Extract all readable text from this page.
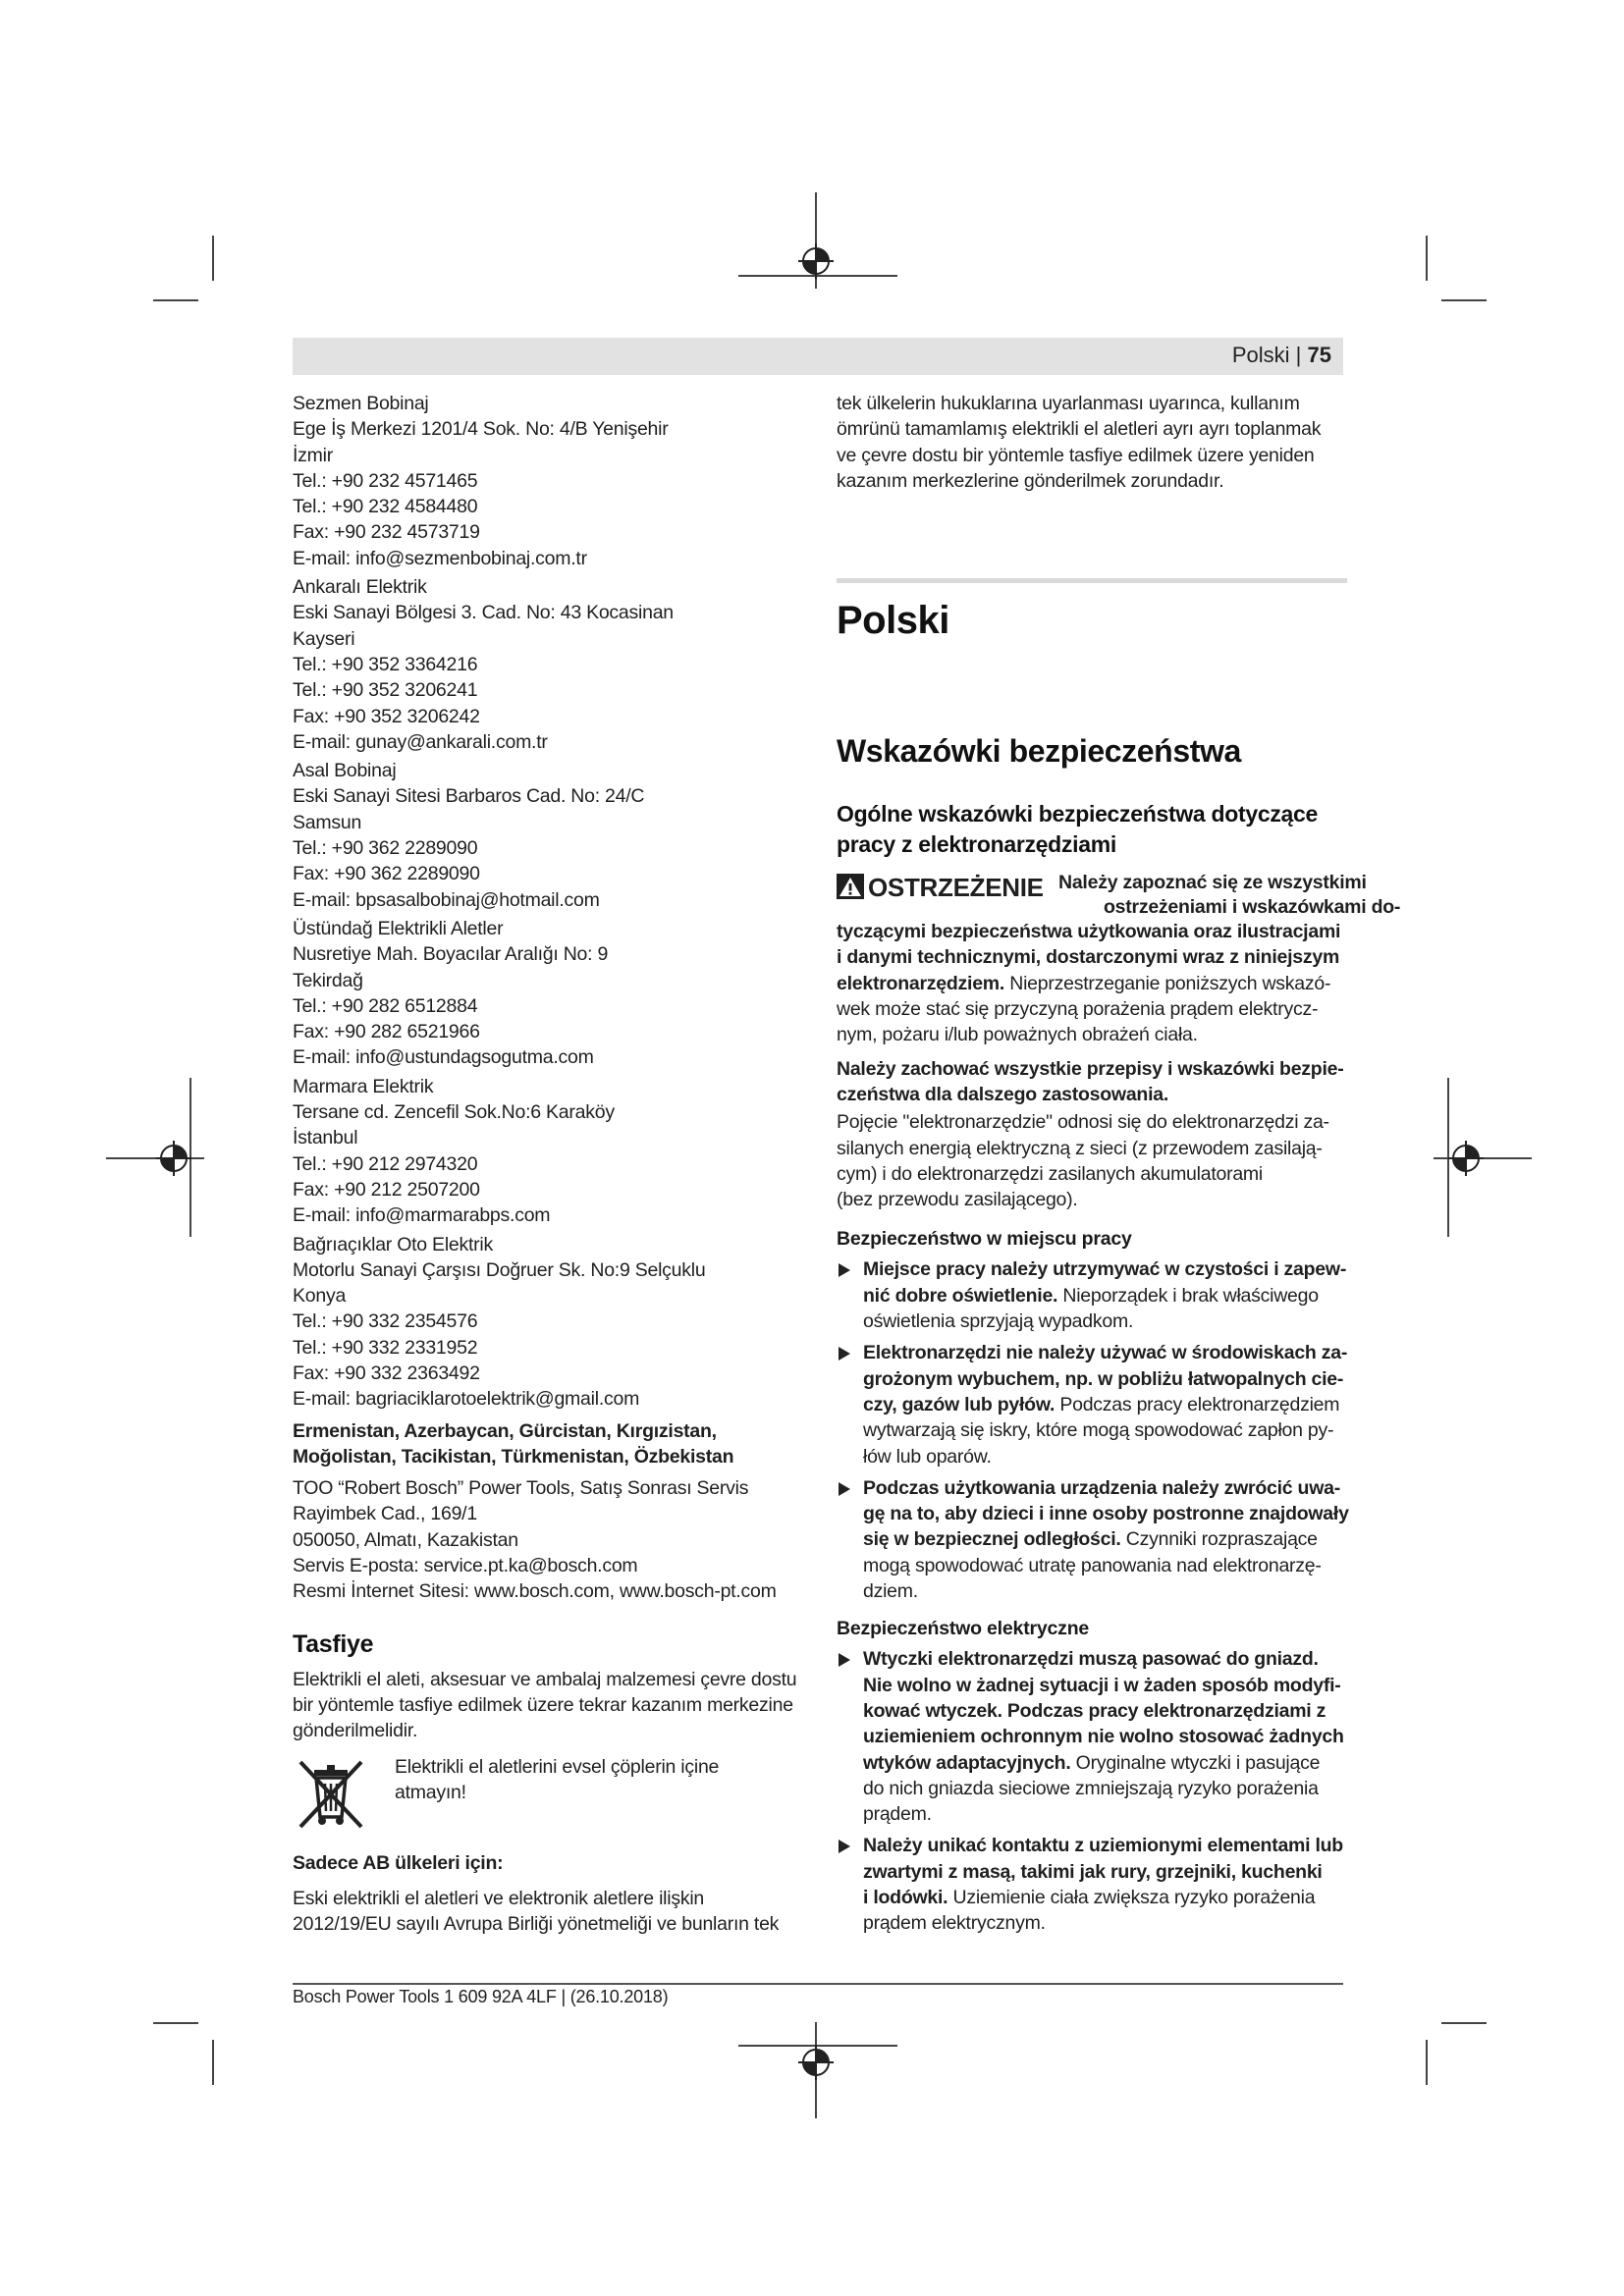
Polski | 75
Sezmen Bobinaj
Ege İş Merkezi 1201/4 Sok. No: 4/B Yenişehir
İzmir
Tel.: +90 232 4571465
Tel.: +90 232 4584480
Fax: +90 232 4573719
E-mail: info@sezmenbobinaj.com.tr
Ankaralı Elektrik
Eski Sanayi Bölgesi 3. Cad. No: 43 Kocasinan
Kayseri
Tel.: +90 352 3364216
Tel.: +90 352 3206241
Fax: +90 352 3206242
E-mail: gunay@ankarali.com.tr
Asal Bobinaj
Eski Sanayi Sitesi Barbaros Cad. No: 24/C
Samsun
Tel.: +90 362 2289090
Fax: +90 362 2289090
E-mail: bpsasalbobinaj@hotmail.com
Üstündağ Elektrikli Aletler
Nusretiye Mah. Boyacılar Aralığı No: 9
Tekirdağ
Tel.: +90 282 6512884
Fax: +90 282 6521966
E-mail: info@ustundagsogutma.com
Marmara Elektrik
Tersane cd. Zencefil Sok.No:6 Karaköy
İstanbul
Tel.: +90 212 2974320
Fax: +90 212 2507200
E-mail: info@marmarabps.com
Bağrıaçıklar Oto Elektrik
Motorlu Sanayi Çarşısı Doğruer Sk. No:9 Selçuklu
Konya
Tel.: +90 332 2354576
Tel.: +90 332 2331952
Fax: +90 332 2363492
E-mail: bagriaciklarotoelektrik@gmail.com
Ermenistan, Azerbaycan, Gürcistan, Kırgızistan,
Moğolistan, Tacikistan, Türkmenistan, Özbekistan
TOO “Robert Bosch” Power Tools, Satış Sonrası Servis
Rayimbek Cad., 169/1
050050, Almatı, Kazakistan
Servis E-posta: service.pt.ka@bosch.com
Resmi İnternet Sitesi: www.bosch.com, www.bosch-pt.com
Tasfiye
Elektrikli el aleti, aksesuar ve ambalaj malzemesi çevre dostu
bir yöntemle tasfiye edilmek üzere tekrar kazanım merkezine
gönderilmelidir.
Elektrikli el aletlerini evsel çöplerin içine
atmayın!
Sadece AB ülkeleri için:
Eski elektrikli el aletleri ve elektronik aletlere ilişkin
2012/19/EU sayılı Avrupa Birliği yönetmeliği ve bunların tek
tek ülkelerin hukuklarına uyarlanması uyarınca, kullanım
ömrünü tamamlamış elektrikli el aletleri ayrı ayrı toplanmak
ve çevre dostu bir yöntemle tasfiye edilmek üzere yeniden
kazanım merkezlerine gönderilmek zorundadır.
Polski
Wskazówki bezpieczeństwa
Ogólne wskazówki bezpieczeństwa dotyczące
pracy z elektronarzędziami
OSTRZEŻENIE Należy zapoznać się ze wszystkimi
ostrzeżeniami i wskazówkami do-
tyczącymi bezpieczeństwa użytkowania oraz ilustracjami
i danymi technicznymi, dostarczonymi wraz z niniejszym
elektronarzędziem. Nieprzestrzeganie poniższych wskazó-
wek może stać się przyczyną porażenia prądem elektrycz-
nym, pożaru i/lub poważnych obrażeń ciała.
Należy zachować wszystkie przepisy i wskazówki bezpie-
czeństwa dla dalszego zastosowania.
Pojęcie "elektronarzędzie" odnosi się do elektronarzędzi za-
silanych energią elektryczną z sieci (z przewodem zasilają-
cym) i do elektronarzędzi zasilanych akumulatorami
(bez przewodu zasilającego).
Bezpieczeństwo w miejscu pracy
Miejsce pracy należy utrzymywać w czystości i zapew-
nić dobre oświetlenie. Nieporządek i brak właściwego
oświetlenia sprzyjają wypadkom.
Elektronarzędzi nie należy używać w środowiskach za-
grożonym wybuchem, np. w pobliżu łatwopalnych cie-
czy, gazów lub pyłów. Podczas pracy elektronarzędziem
wytwarzają się iskry, które mogą spowodować zapłon py-
łów lub oparów.
Podczas użytkowania urządzenia należy zwrócić uwa-
gę na to, aby dzieci i inne osoby postronne znajdowały
się w bezpiecznej odległości. Czynniki rozpraszające
mogą spowodować utratę panowania nad elektronarzę-
dziem.
Bezpieczeństwo elektryczne
Wtyczki elektronarzędzi muszą pasować do gniazd.
Nie wolno w żadnej sytuacji i w żaden sposób modyfi-
kować wtyczek. Podczas pracy elektronarzędziami z
uziemieniem ochronnym nie wolno stosować żadnych
wtyków adaptacyjnych. Oryginalne wtyczki i pasujące
do nich gniazda sieciowe zmniejszają ryzyko porażenia
prądem.
Należy unikać kontaktu z uziemionymi elementami lub
zwartymi z masą, takimi jak rury, grzejniki, kuchenki
i lodówki. Uziemienie ciała zwiększa ryzyko porażenia
prądem elektrycznym.
Bosch Power Tools 1 609 92A 4LF | (26.10.2018)
